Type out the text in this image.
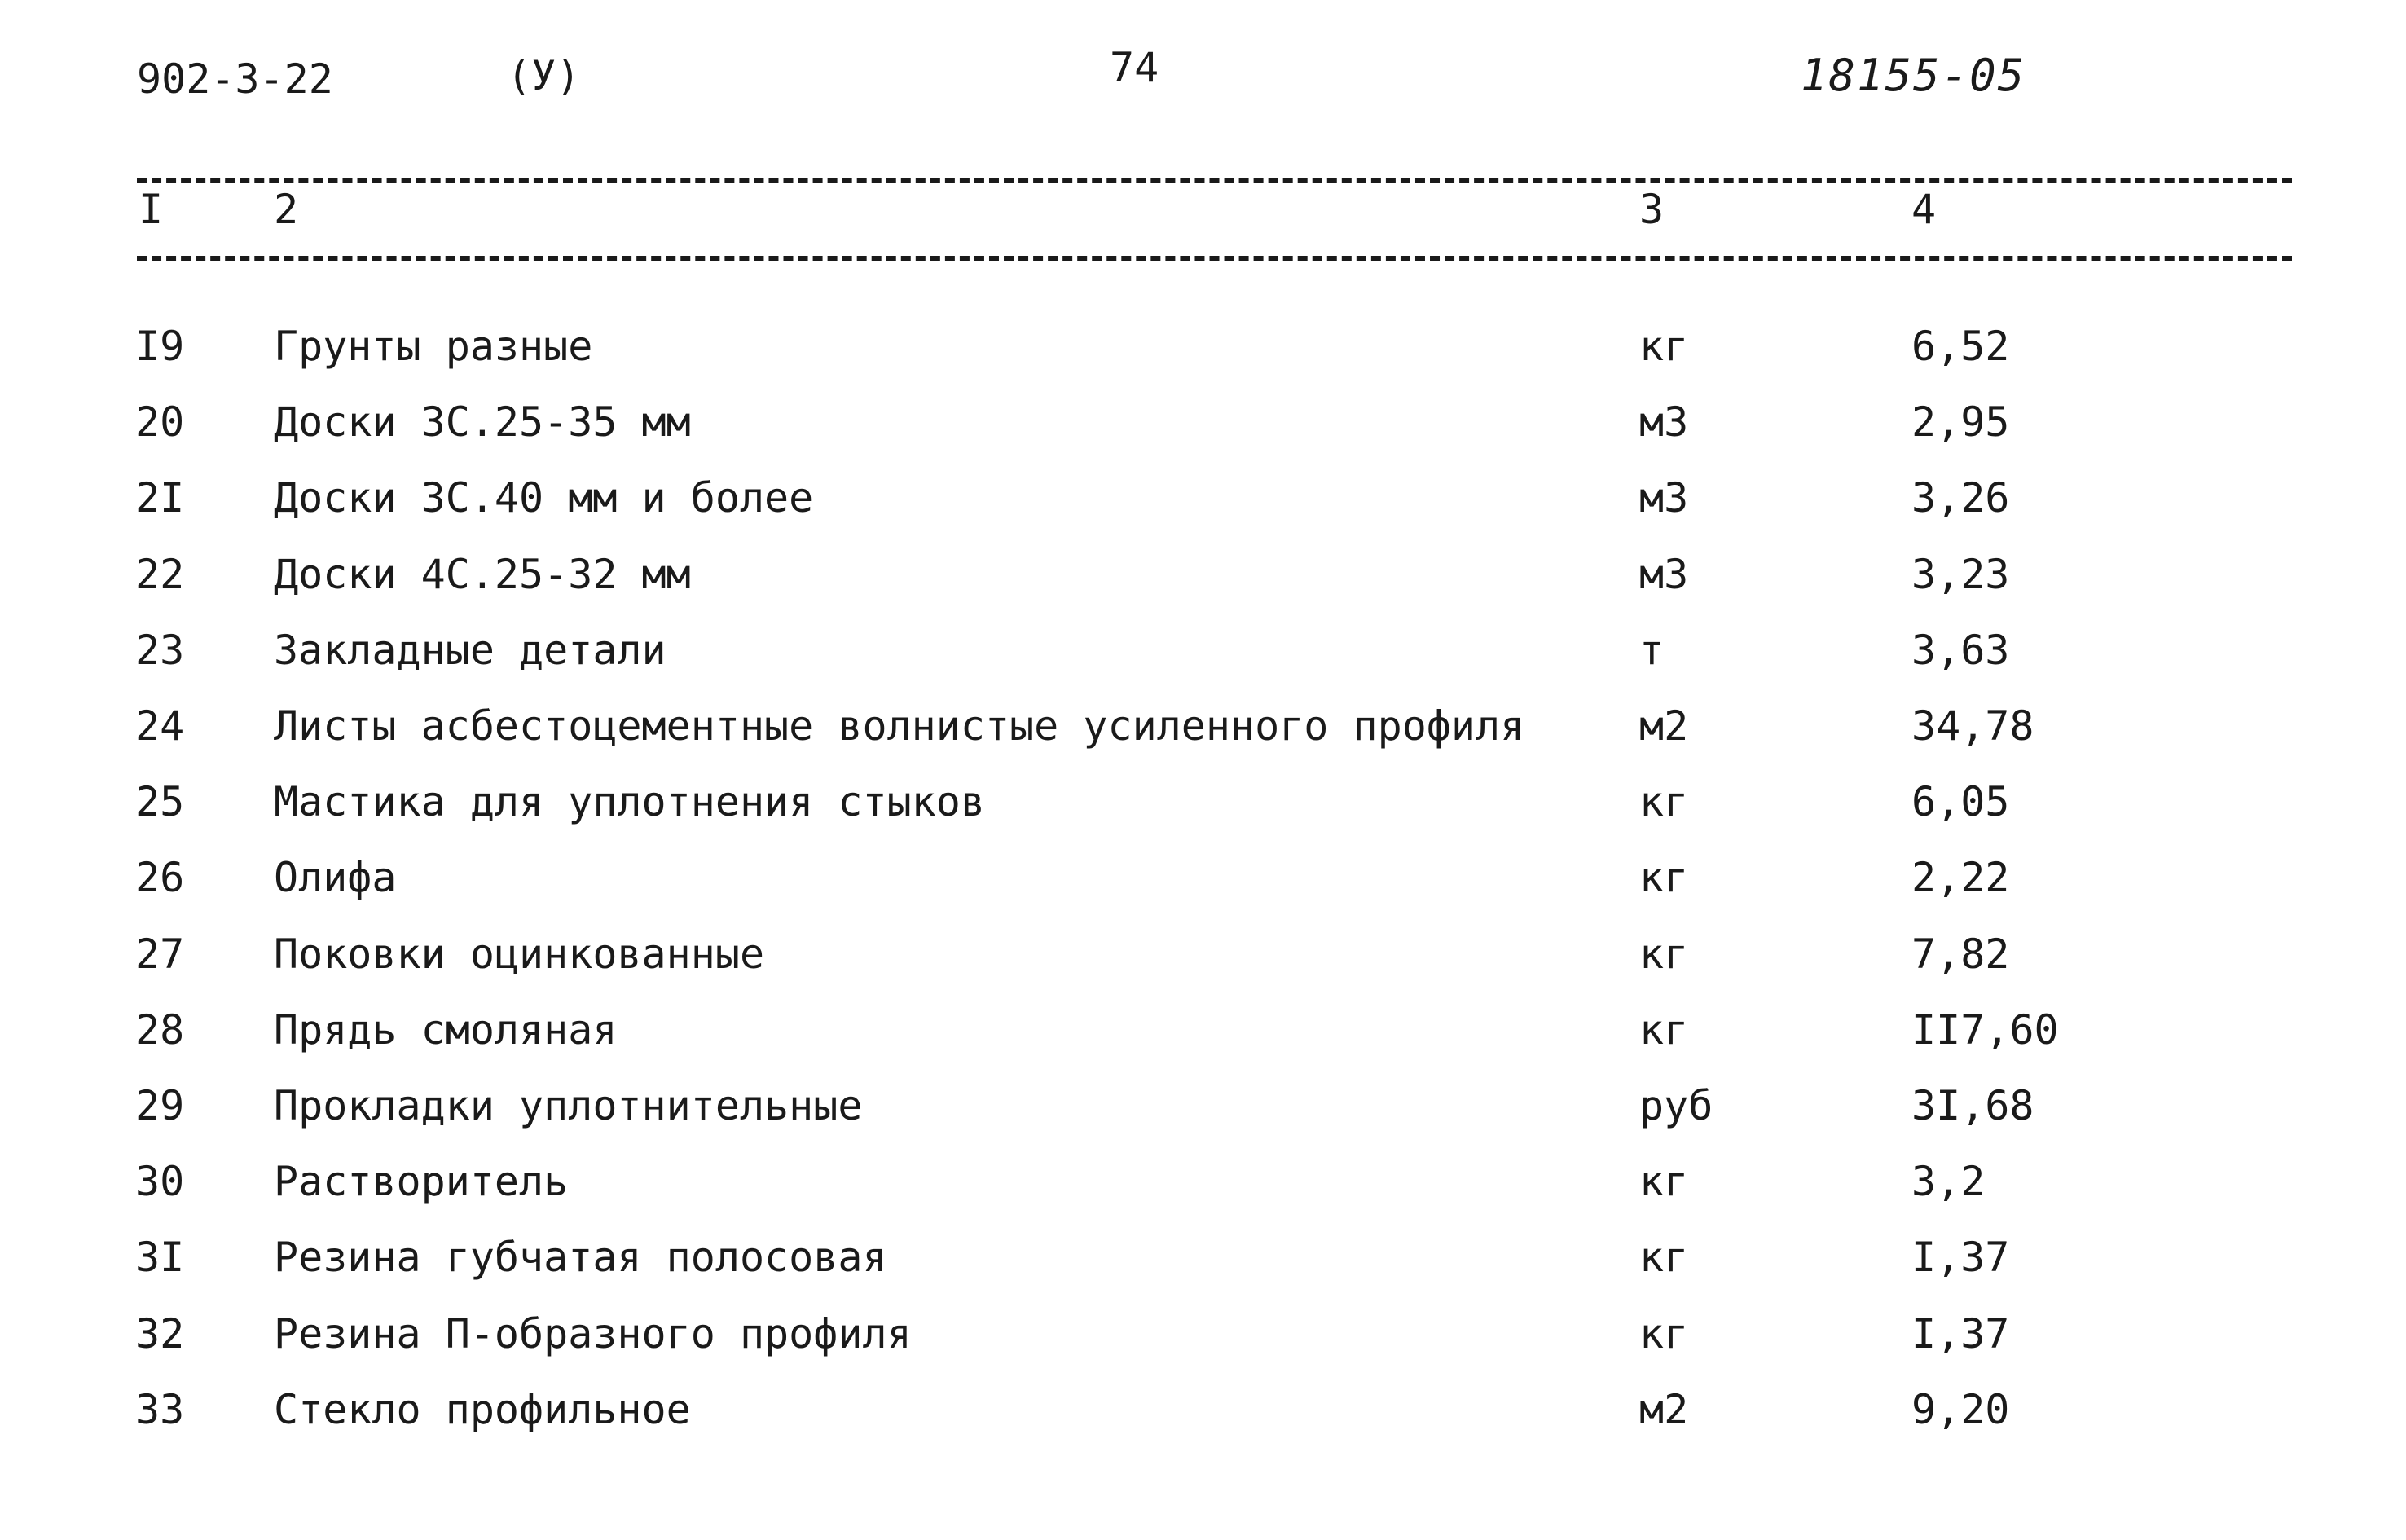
902-3-22	(У)	74	18155-05
I	2	3	4
I9 Грунты разные	кг	6,52
20 Доски 3С.25-35 мм	м3	2,95
2I Доски 3С.40 мм и более	м3	3,26
22 Доски 4С.25-32 мм	м3	3,23
23 Закладные детали	т	3,63
24 Листы асбестоцементные волнистые усиленного профиля	м2	34,78
25 Мастика для уплотнения стыков	кг	6,05
26 Олифа	кг	2,22
27 Поковки оцинкованные	кг	7,82
28 Прядь смоляная	кг	II7,60
29 Прокладки уплотнительные	руб	3I,68
30 Растворитель	кг	3,2
3I Резина губчатая полосовая	кг	I,37
32 Резина П-образного профиля	кг	I,37
33 Стекло профильное	м2	9,20
